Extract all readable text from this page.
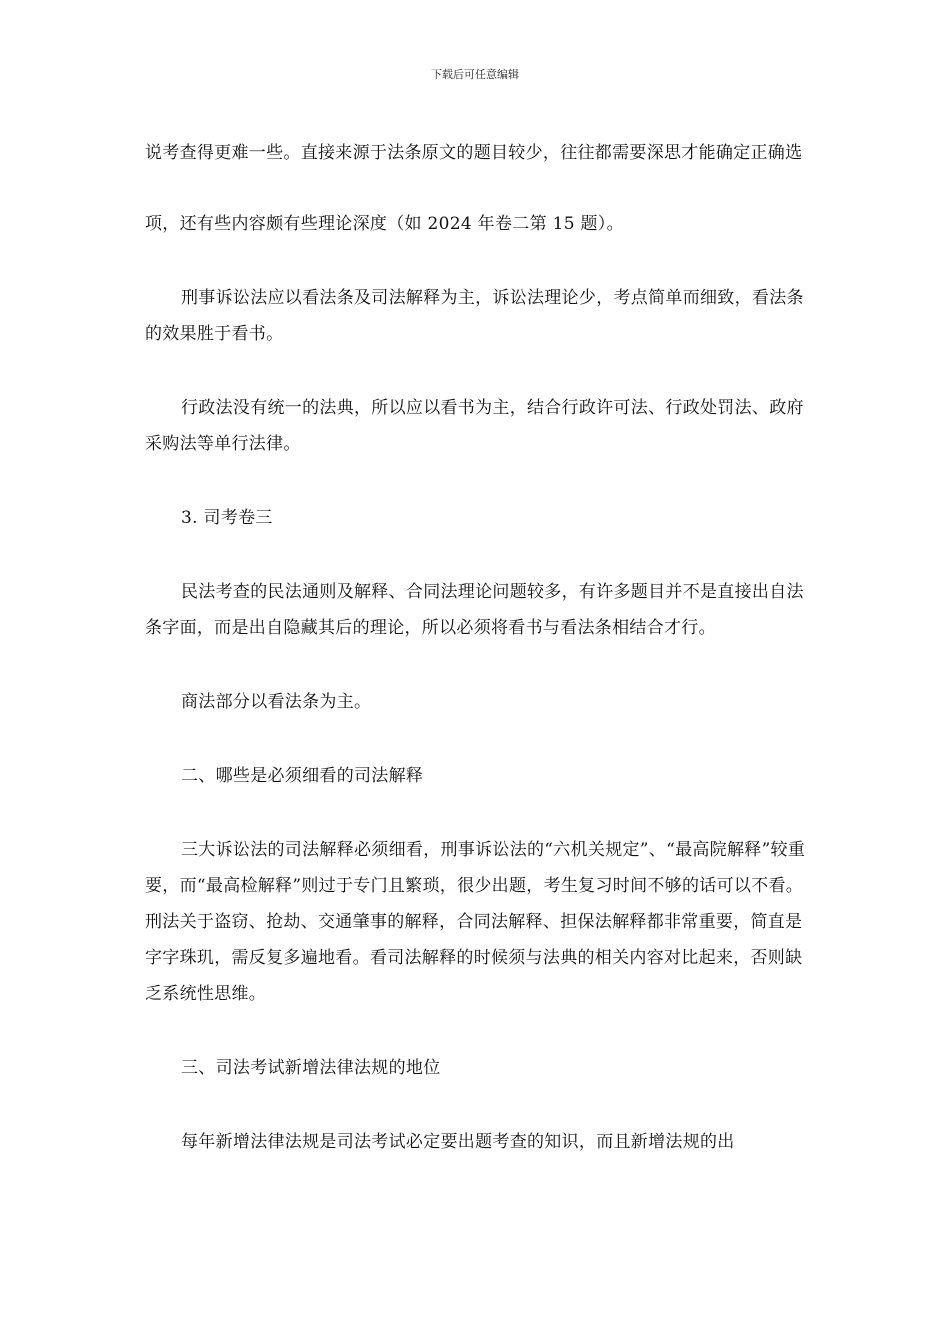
下载后可任意编辑

说考查得更难一些。直接来源于法条原文的题目较少，往往都需要深思才能确定正确选项，还有些内容颇有些理论深度（如 2024 年卷二第 15 题）。

刑事诉讼法应以看法条及司法解释为主，诉讼法理论少，考点简单而细致，看法条的效果胜于看书。

行政法没有统一的法典，所以应以看书为主，结合行政许可法、行政处罚法、政府采购法等单行法律。

3. 司考卷三

民法考查的民法通则及解释、合同法理论问题较多，有许多题目并不是直接出自法条字面，而是出自隐藏其后的理论，所以必须将看书与看法条相结合才行。

商法部分以看法条为主。

二、哪些是必须细看的司法解释

三大诉讼法的司法解释必须细看，刑事诉讼法的“六机关规定”、“最高院解释”较重要，而“最高检解释”则过于专门且繁琐，很少出题，考生复习时间不够的话可以不看。刑法关于盗窃、抢劫、交通肇事的解释，合同法解释、担保法解释都非常重要，简直是字字珠玑，需反复多遍地看。看司法解释的时候须与法典的相关内容对比起来，否则缺乏系统性思维。

三、司法考试新增法律法规的地位

每年新增法律法规是司法考试必定要出题考查的知识，而且新增法规的出
